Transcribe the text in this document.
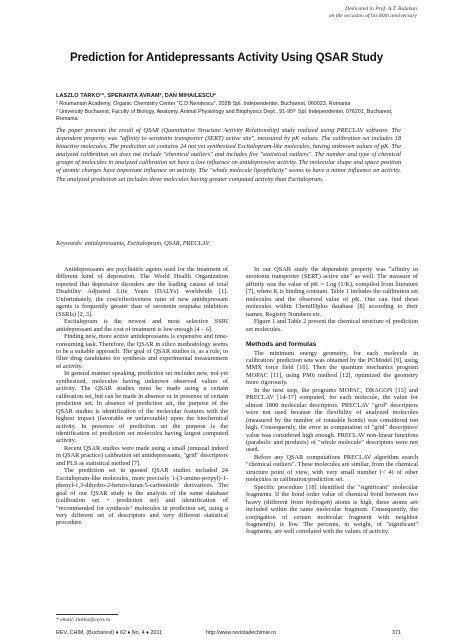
Dedicated to Prof. A.T. Balaban
on the occasion of his 80th anniversary
Prediction for Antidepressants Activity Using QSAR Study
LASZLO TARKO¹*, SPERANTA AVRAM², DAN MIHAILESCU²
¹ Roumanian Academy, Organic Chemistry Center "C.D.Nenitescu", 202B Spl. Independentei, Bucharest, 060023, Romania
² University Bucharest, Faculty of Biology, Anatomy, Animal Physiology and Biophysics Dept., 91-95ᵗʰ Spl. Independentei, 076201, Bucharest, Romania

The paper presents the result of QSAR (Quantitative Structure Activity Relationship) study realized using PRECLAV software. The dependent property was "affinity to serotonin transporter (SERT) active site", measured by pK values. The calibration set includes 18 bioactive molecules. The prediction set contains 24 not yet synthesized Escitalopram-like molecules, having unknown values of pK. The analyzed calibration set does not include "chemical outliers" and includes five "statistical outliers". The number and type of chemical groups of molecules in analyzed calibration set have a low influence on antidepressive activity. The molecular shape and space position of atomic charges have important influence on activity. The "whole molecule lipophilicity" seems to have a minor influence on activity. The analyzed prediction set includes three molecules having greater computed activity than Escitalopram.

Keywords: antidepressants, Escitalopram, QSAR, PRECLAV

Antidepressants are psychiatric agents used for the treatment of different kind of depression. The World Health Organization reported that depressive disorders are the leading causes of total Disability Adjusted Life Years (DALYs) worldwide [1]. Unfortunately, the cost/effectiveness ratio of new antidepressant agents is frequently greater than of serotonin reuptake inhibitors (SSRIs) [2, 3].

Escitalopram is the newest and most selective SSRI antidepressant and the cost of treatment is low enough [4 – 6].

Finding new, more active antidepressants is expensive and time-consuming task. Therefore, the QSAR in silico methodology seems to be a suitable approach. The goal of QSAR studies is, as a rule, to filter drug candidates for synthesis and experimental measurement of activity.

In general manner speaking, prediction set includes new, not yet synthesized, molecules having unknown observed values of activity. The QSAR studies must be made using a certain calibration set, but can be made in absence or in presence of certain prediction set. In absence of prediction set, the purpose of the QSAR studies is identification of the molecular features with the highest impact (favorable or unfavorable) upon the biochemical activity. In presence of prediction set the purpose is the identification of prediction set molecules having largest computed activity.

Recent QSAR studies were made using a small (unusual indeed in QSAR practice) calibration set antidepressants, "grid" descriptors and PLS as statistical method [7].

The prediction set in quoted QSAR studies included 24 Escitalopram-like molecules, more precisely 1-(3-amino-propyl)-1-phenyl-1,3-dihydro-2-benzo-furan-5-carbonitrile derivatives. The goal of our QSAR study is the analysis of the same database (calibration set + prediction set) and identification of "recommended for synthesis" molecules in prediction set, using a very different set of descriptors and very different statistical procedure.

In our QSAR study the dependent property was "affinity to serotonin transporter (SERT) active site" as well. The measure of affinity was the value of pK = Log (1/K), compiled from literature [7], where K is binding constant. Table 1 includes the calibration set molecules and the observed value of pK. One can find these molecules within ChemIDplus database [8] according to their names, Registry Numbers etc.

Figure 1 and Table 2 present the chemical structure of prediction set molecules.

Methods and formulas

The minimum energy geometry, for each molecule in calibration/ prediction sets was obtained by the PCModel [9], using MMX force field [10]. Then the quantum mechanics program MOPAC [11], using PM6 method [12], optimized the geometry more rigorously.

In the next step, the programs MOPAC, DRAGON [13] and PRECLAV [14-17] computed, for each molecule, the value for almost 1800 molecular descriptors. PRECLAV "grid" descriptors were not used because the flexibility of analyzed molecules (measured by the number of rotatable bonds) was considered too high. Consequently, the error in computation of "grid" descriptors' value was considered high enough. PRECLAV non-linear functions (parabolic and products) of "whole molecule" descriptors were not used.

Before any QSAR computations PRECLAV algorithm search "chemical outliers". These molecules are similar, from the chemical structure point of view, with very small number (< 4) of other molecules in calibration/prediction set.

Specific procedure [18] identified the "significant" molecular fragments. If the bond order value of chemical bond between two heavy (different from hydrogen) atoms is high, these atoms are included within the same molecular fragment. Consequently, the conjugation of certain molecular fragment with neighbor fragment(s) is low. The percents, in weight, of "significant" fragments, are well correlated with the values of activity.

* email: ltarko@ccro.ro
REV. CHIM. (Bucharest) ♦ 62 ♦ No. 4 ♦ 2011	http://www.revistadechimie.ro	371
